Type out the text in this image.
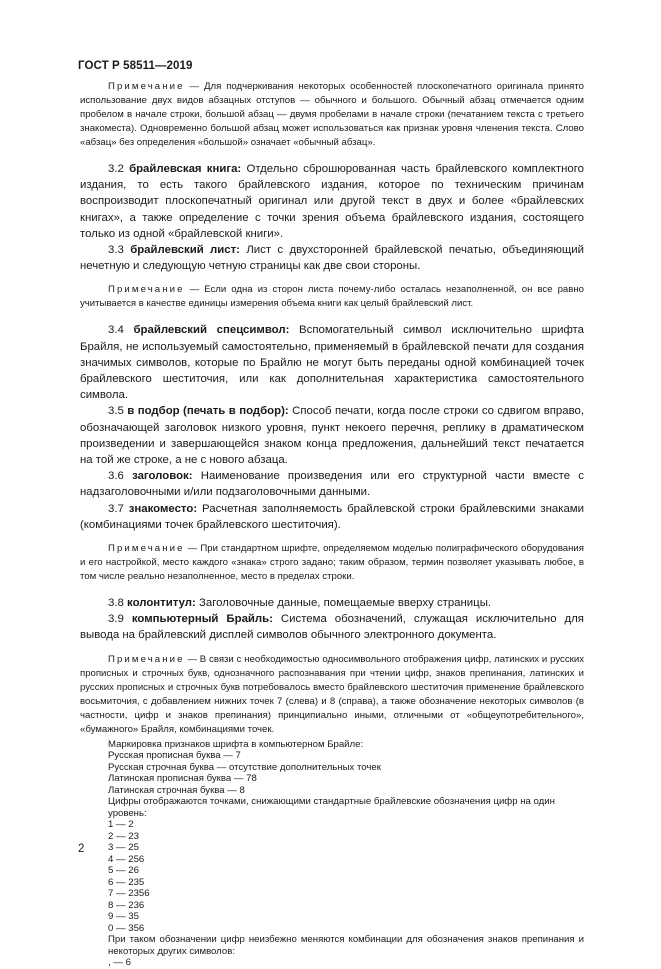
ГОСТ Р 58511—2019

Примечание — Для подчеркивания некоторых особенностей плоскопечатного оригинала принято использование двух видов абзацных отступов — обычного и большого. Обычный абзац отмечается одним пробелом в начале строки, большой абзац — двумя пробелами в начале строки (печатанием текста с третьего знакоместа). Одновременно большой абзац может использоваться как признак уровня членения текста. Слово «абзац» без определения «большой» означает «обычный абзац».

3.2 брайлевская книга: Отдельно сброшюрованная часть брайлевского комплектного издания, то есть такого брайлевского издания, которое по техническим причинам воспроизводит плоскопечатный оригинал или другой текст в двух и более «брайлевских книгах», а также определение с точки зрения объема брайлевского издания, состоящего только из одной «брайлевской книги».

3.3 брайлевский лист: Лист с двухсторонней брайлевской печатью, объединяющий нечетную и следующую четную страницы как две свои стороны.

Примечание — Если одна из сторон листа почему-либо осталась незаполненной, он все равно учитывается в качестве единицы измерения объема книги как целый брайлевский лист.

3.4 брайлевский спецсимвол: Вспомогательный символ исключительно шрифта Брайля, не используемый самостоятельно, применяемый в брайлевской печати для создания значимых символов, которые по Брайлю не могут быть переданы одной комбинацией точек брайлевского шеститочия, или как дополнительная характеристика самостоятельного символа.

3.5 в подбор (печать в подбор): Способ печати, когда после строки со сдвигом вправо, обозначающей заголовок низкого уровня, пункт некоего перечня, реплику в драматическом произведении и завершающейся знаком конца предложения, дальнейший текст печатается на той же строке, а не с нового абзаца.

3.6 заголовок: Наименование произведения или его структурной части вместе с надзаголовочными и/или подзаголовочными данными.

3.7 знакоместо: Расчетная заполняемость брайлевской строки брайлевскими знаками (комбинациями точек брайлевского шеститочия).

Примечание — При стандартном шрифте, определяемом моделью полиграфического оборудования и его настройкой, место каждого «знака» строго задано; таким образом, термин позволяет указывать любое, в том числе реально незаполненное, место в пределах строки.

3.8 колонтитул: Заголовочные данные, помещаемые вверху страницы.

3.9 компьютерный Брайль: Система обозначений, служащая исключительно для вывода на брайлевский дисплей символов обычного электронного документа.

Примечание — В связи с необходимостью односимвольного отображения цифр, латинских и русских прописных и строчных букв, однозначного распознавания при чтении цифр, знаков препинания, латинских и русских прописных и строчных букв потребовалось вместо брайлевского шеститочия применение брайлевского восьмиточия, с добавлением нижних точек 7 (слева) и 8 (справа), а также обозначение некоторых символов (в частности, цифр и знаков препинания) принципиально иными, отличными от «общеупотребительного», «бумажного» Брайля, комбинациями точек.

Маркировка признаков шрифта в компьютерном Брайле:

Русская прописная буква — 7

Русская строчная буква — отсутствие дополнительных точек

Латинская прописная буква — 78

Латинская строчная буква — 8

Цифры отображаются точками, снижающими стандартные брайлевские обозначения цифр на один уровень:

1 — 2

2 — 23

3 — 25

4 — 256

5 — 26

6 — 235

7 — 2356

8 — 236

9 — 35

0 — 356

При таком обозначении цифр неизбежно меняются комбинации для обозначения знаков препинания и некоторых других символов:

, — 6

2
